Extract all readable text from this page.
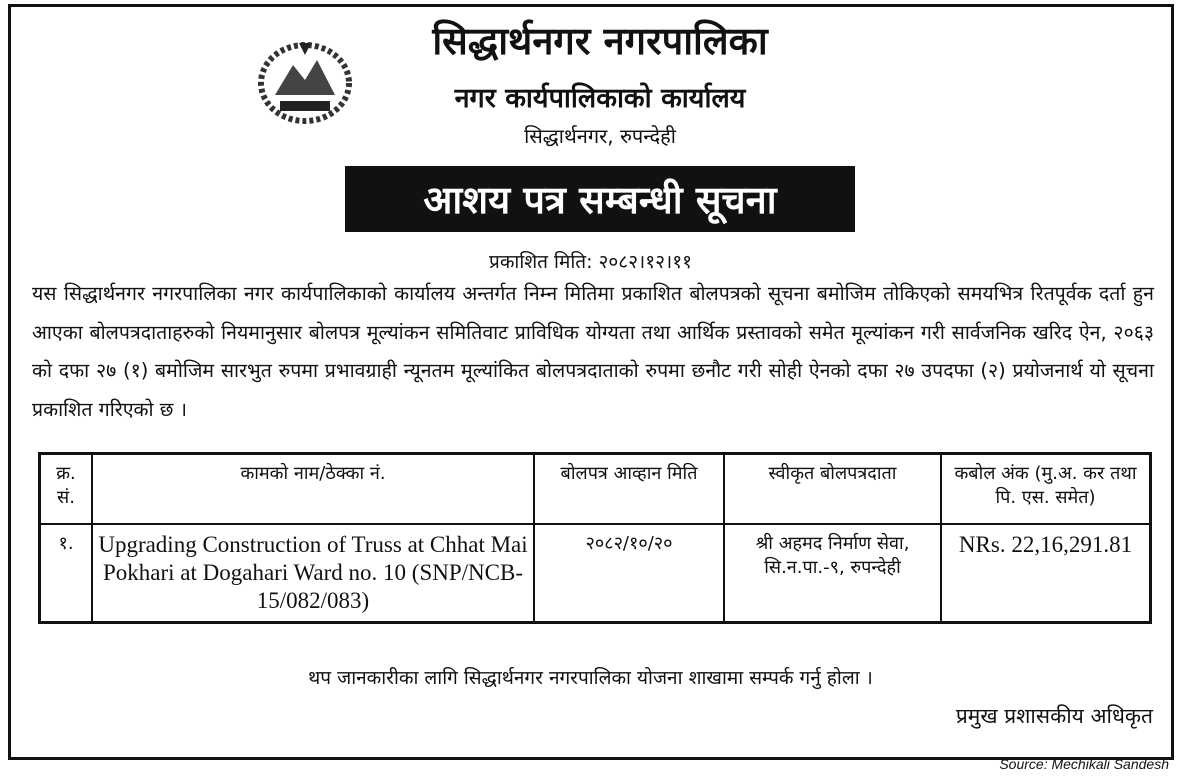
सिद्धार्थनगर नगरपालिका
नगर कार्यपालिकाको कार्यालय
सिद्धार्थनगर, रुपन्देही
आशय पत्र सम्बन्धी सूचना
प्रकाशित मिति: २०८२।१२।११
यस सिद्धार्थनगर नगरपालिका नगर कार्यपालिकाको कार्यालय अन्तर्गत निम्न मितिमा प्रकाशित बोलपत्रको सूचना बमोजिम तोकिएको समयभित्र रितपूर्वक दर्ता हुन आएका बोलपत्रदाताहरुको नियमानुसार बोलपत्र मूल्यांकन समितिवाट प्राविधिक योग्यता तथा आर्थिक प्रस्तावको समेत मूल्यांकन गरी सार्वजनिक खरिद ऐन, २०६३ को दफा २७ (१) बमोजिम सारभुत रुपमा प्रभावग्राही न्यूनतम मूल्यांकित बोलपत्रदाताको रुपमा छनौट गरी सोही ऐनको दफा २७ उपदफा (२) प्रयोजनार्थ यो सूचना प्रकाशित गरिएको छ ।
क्र. सं.	कामको नाम/ठेक्का नं.	बोलपत्र आव्हान मिति	स्वीकृत बोलपत्रदाता	कबोल अंक (मु.अ. कर तथा पि. एस. समेत)
१.	Upgrading Construction of Truss at Chhat Mai Pokhari at Dogahari Ward no. 10 (SNP/NCB-15/082/083)	२०८२/१०/२०	श्री अहमद निर्माण सेवा, सि.न.पा.-९, रुपन्देही	NRs. 22,16,291.81
थप जानकारीका लागि सिद्धार्थनगर नगरपालिका योजना शाखामा सम्पर्क गर्नु होला ।
प्रमुख प्रशासकीय अधिकृत
Source: Mechikali Sandesh
